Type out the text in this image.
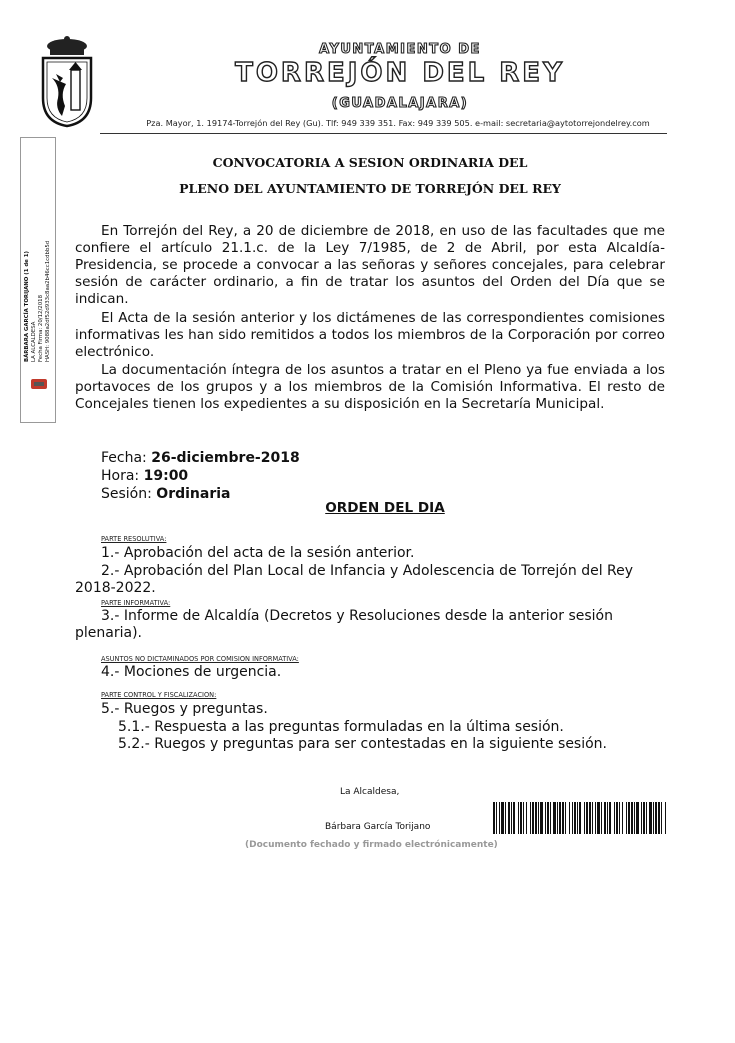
AYUNTAMIENTO DE
TORREJÓN DEL REY
(GUADALAJARA)
Pza. Mayor, 1. 19174-Torrejón del Rey (Gu). Tlf: 949 339 351. Fax: 949 339 505. e-mail: secretaria@aytotorrejondelrey.com
BÁRBARA GARCÍA TORIJANO (1 de 1) LA ALCALDESA Fecha Firma: 20/12/2018 HASH: 9088a2df52d933c8aa2b46cc1cdbb5d
CONVOCATORIA A SESION ORDINARIA DEL
PLENO DEL AYUNTAMIENTO DE TORREJÓN DEL REY

En Torrejón del Rey, a 20 de diciembre de 2018, en uso de las facultades que me confiere el artículo 21.1.c. de la Ley 7/1985, de 2 de Abril, por esta Alcaldía-Presidencia, se procede a convocar a las señoras y señores concejales, para celebrar sesión de carácter ordinario, a fin de tratar los asuntos del Orden del Día que se indican.

El Acta de la sesión anterior y los dictámenes de las correspondientes comisiones informativas les han sido remitidos a todos los miembros de la Corporación por correo electrónico.

La documentación íntegra de los asuntos a tratar en el Pleno ya fue enviada a los portavoces de los grupos y a los miembros de la Comisión Informativa. El resto de Concejales tienen los expedientes a su disposición en la Secretaría Municipal.

Fecha: 26-diciembre-2018
Hora: 19:00
Sesión: Ordinaria
ORDEN DEL DIA
PARTE RESOLUTIVA:
1.- Aprobación del acta de la sesión anterior.

2.- Aprobación del Plan Local de Infancia y Adolescencia de Torrejón del Rey 2018-2022.

PARTE INFORMATIVA:

3.- Informe de Alcaldía (Decretos y Resoluciones desde la anterior sesión plenaria).

ASUNTOS NO DICTAMINADOS POR COMISION INFORMATIVA:
4.- Mociones de urgencia.
PARTE CONTROL Y FISCALIZACION:
5.- Ruegos y preguntas.
5.1.- Respuesta a las preguntas formuladas en la última sesión.
5.2.- Ruegos y preguntas para ser contestadas en la siguiente sesión.
La Alcaldesa,
Bárbara García Torijano
(Documento fechado y firmado electrónicamente)
